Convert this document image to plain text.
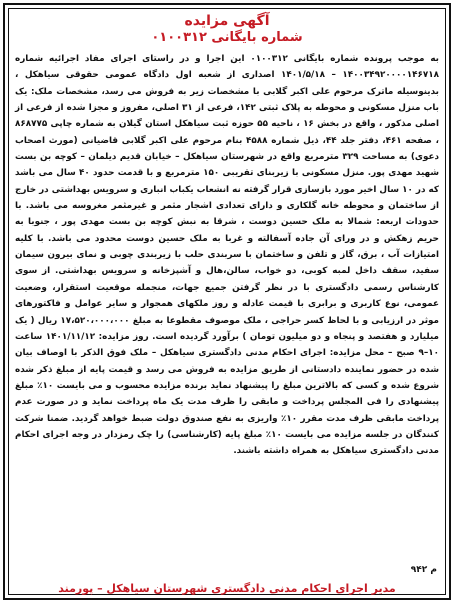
آگهی مزایده
شماره بایگانی ۰۱۰۰۳۱۲
به موجب پرونده شماره بایگانی ۰۱۰۰۳۱۲ این اجرا و در راستای اجرای مفاد اجرائیه شماره ۱۴۰۰۳۴۹۲۰۰۰۰۱۴۶۷۱۸ – ۱۴۰۱/۵/۱۸ اصداری از شعبه اول دادگاه عمومی حقوقی سیاهکل ، بدینوسیله ماترک مرحوم علی اکبر گلابی با مشخصات زیر به فروش می رسد، مشخصات ملک: یک باب منزل مسکونی و محوطه به پلاک ثبتی ۱۴۲، فرعی از ۳۱ اصلی، مفروز و مجزا شده از فرعی از اصلی مذکور ، واقع در بخش ۱۶ ، ناحیه ۵۵ حوزه ثبت سیاهکل استان گیلان به شماره چاپی ۸۶۸۷۷۵ ، صفحه ۴۶۱، دفتر جلد ۴۴، ذیل شماره ۴۵۸۸ بنام مرحوم علی اکبر گلابی قاضیانی (مورث اصحاب دعوی) به مساحت ۳۲۹ مترمربع واقع در شهرستان سیاهکل – خیابان قدیم دیلمان – کوچه بن بست شهید مهدی پور. منزل مسکونی با زیربنای تقریبی ۱۵۰ مترمربع و با قدمت حدود ۴۰ سال می باشد که در ۱۰ سال اخیر مورد بازسازی قرار گرفته نه انشعاب یکباب انباری و سرویس بهداشتی در خارج از ساختمان و محوطه خانه گلکاری و دارای تعدادی اشجار مثمر و غیرمثمر مغروسه می باشد. با حدودات اربعه: شمالا به ملک حسین دوست ، شرقا به نبش کوچه بن بست مهدی پور ، جنوبا به حریم زهکش و در ورای آن جاده آسفالته و غربا به ملک حسین دوست محدود می باشد. با کلیه امتیازات آب ، برق، گاز و تلفن و ساختمان با سربندی حلب با زیربندی چوبی و نمای بیرون سیمان سفید، سقف داخل لمبه کوبی، دو خواب، سالن،هال و آشپزخانه و سرویس بهداشتی. از سوی کارشناس رسمی دادگستری با در نظر گرفتن جمیع جهات، منجمله موقعیت استقرار، وضعیت عمومی، نوع کاربری و برابری با قیمت عادله و روز ملکهای همجوار و سایر عوامل و فاکتورهای موثر در ارزیابی و با لحاظ کسر حراجی ، ملک موصوف مقطوعا به مبلغ ۱۷،۵۲۰،۰۰۰،۰۰۰ ریال ( یک میلیارد و هفتصد و پنجاه و دو میلیون تومان ) برآورد گردیده است. روز مزایده: ۱۴۰۱/۱۱/۱۲ ساعت ۱۰–۹ صبح – محل مزایده: اجرای احکام مدنی دادگستری سیاهکل – ملک فوق الذکر با اوصاف بیان شده در حضور نماینده دادستانی از طریق مزایده به فروش می رسد و قیمت پایه از مبلغ ذکر شده شروع شده و کسی که بالاترین مبلغ را پیشنهاد نماید برنده مزایده محسوب و می بایست ۱۰٪ مبلغ پیشنهادی را فی المجلس پرداخت و مابقی را ظرف مدت یک ماه پرداخت نماید و در صورت عدم پرداخت مابقی ظرف مدت مقرر ۱۰٪ واریزی به نفع صندوق دولت ضبط خواهد گردید. ضمنا شرکت کنندگان در جلسه مزایده می بایست ۱۰٪ مبلغ پایه (کارشناسی) را چک رمزدار در وجه اجرای احکام مدنی دادگستری سیاهکل به همراه داشته باشند.
م ۹۴۲
مدیر اجرای احکام مدنی دادگستری شهرستان سیاهکل – پورمند
